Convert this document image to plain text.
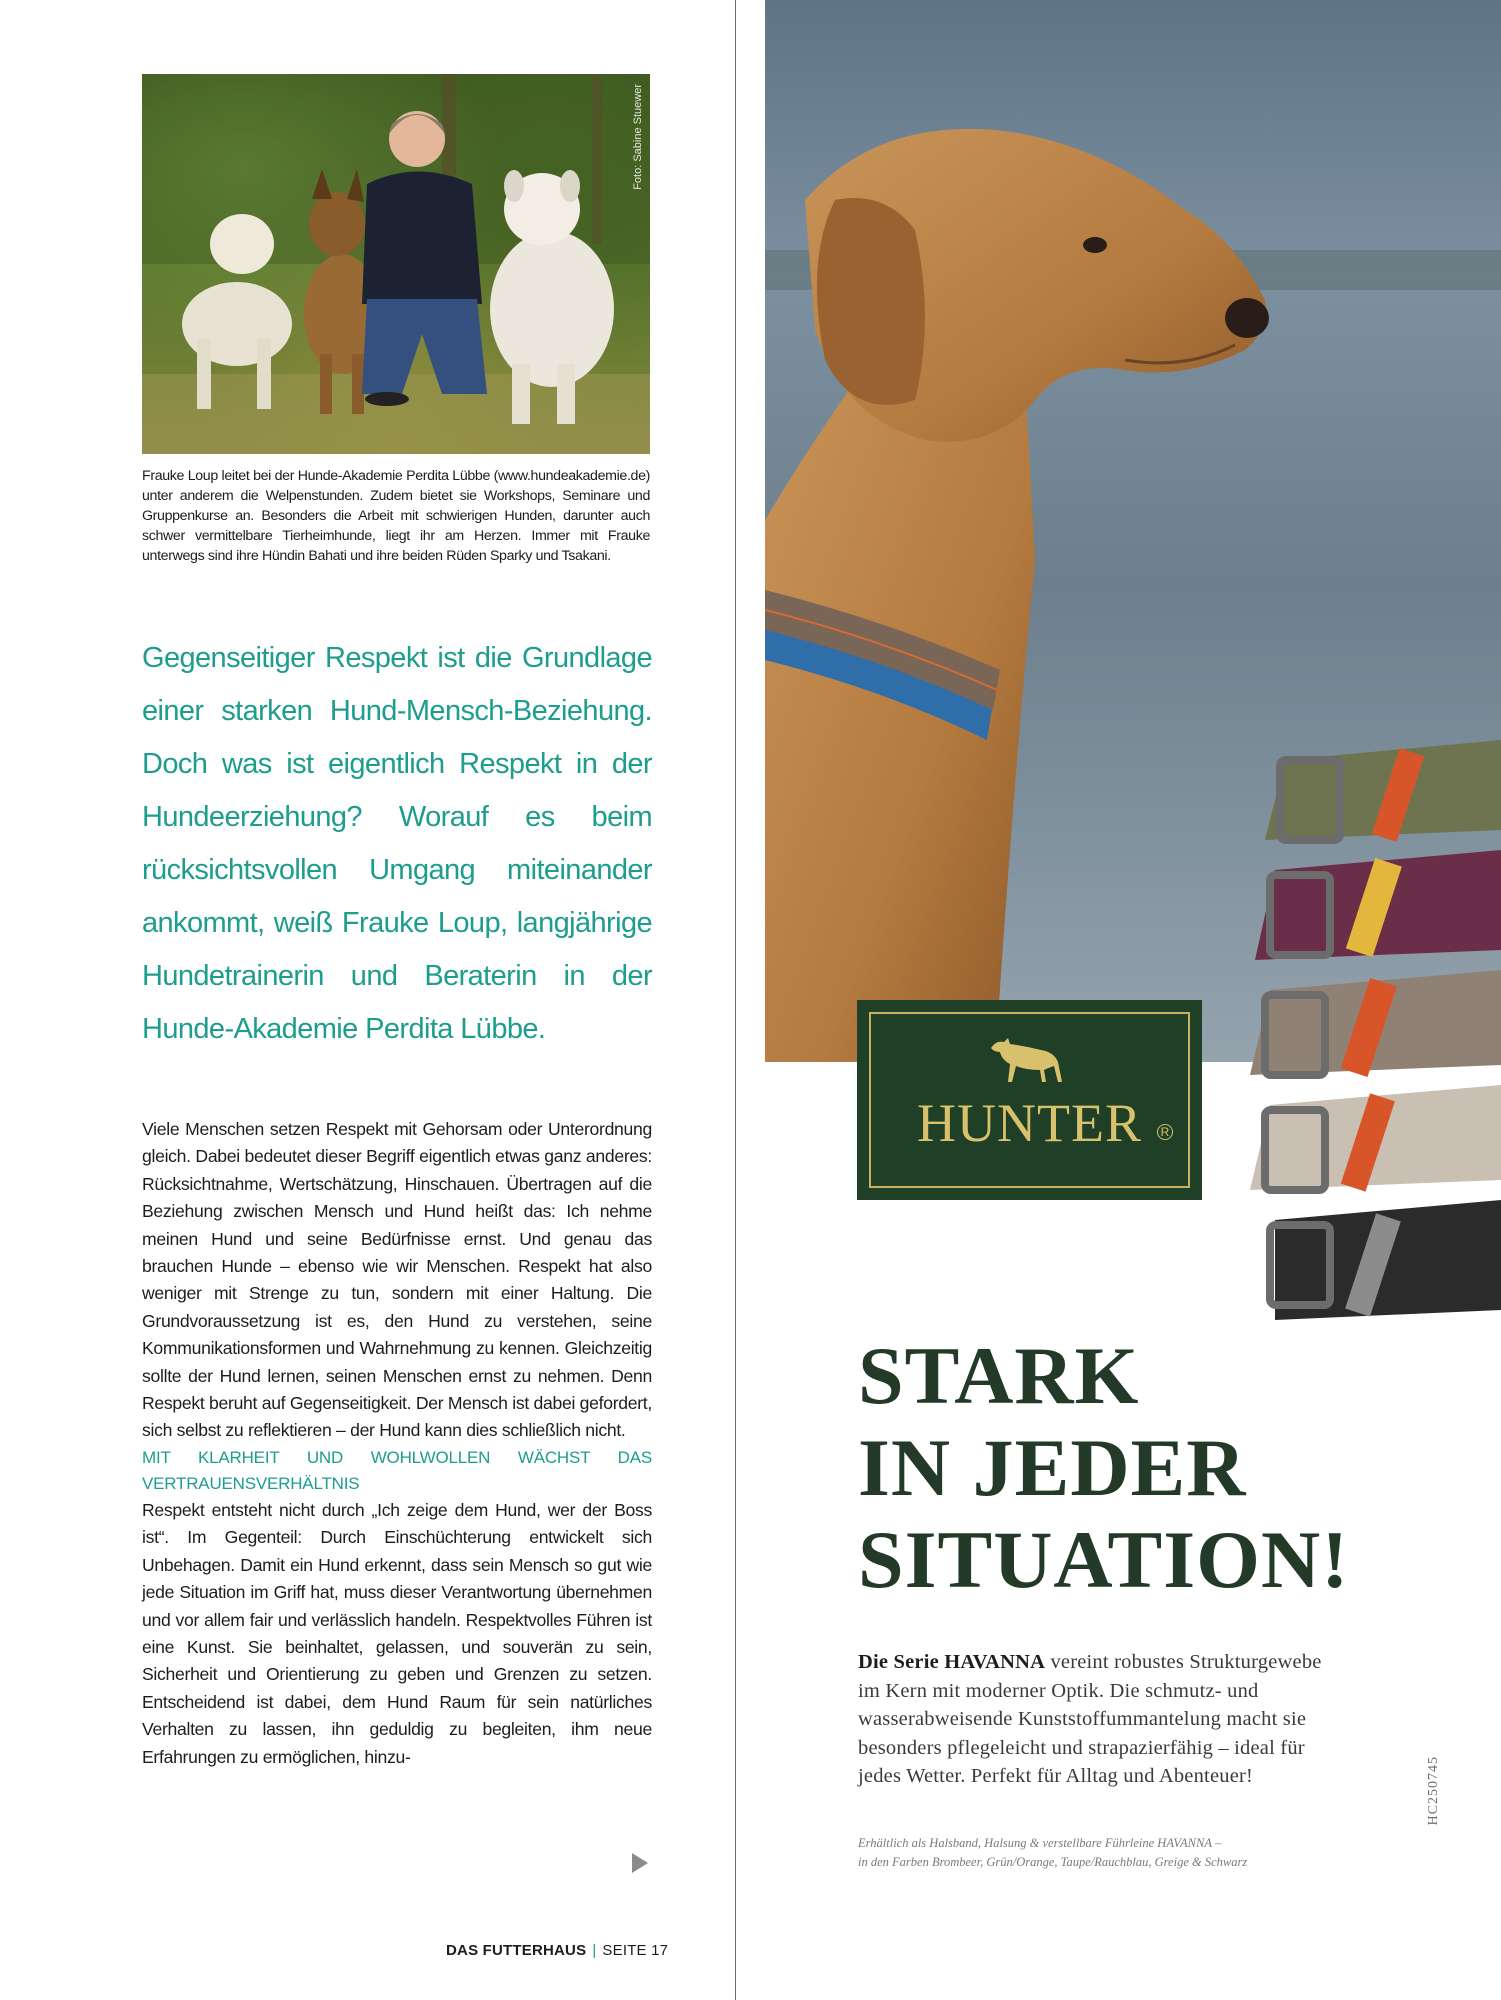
Foto: Sabine Stuewer
Frauke Loup leitet bei der Hunde-Akademie Perdita Lübbe (www.hundeakademie.de) unter anderem die Welpenstunden. Zudem bietet sie Workshops, Seminare und Gruppenkurse an. Besonders die Arbeit mit schwierigen Hunden, darunter auch schwer vermittelbare Tierheimhunde, liegt ihr am Herzen. Immer mit Frauke unterwegs sind ihre Hündin Bahati und ihre beiden Rüden Sparky und Tsakani.
Gegenseitiger Respekt ist die Grundlage einer starken Hund-Mensch-Beziehung. Doch was ist eigentlich Respekt in der Hundeerziehung? Worauf es beim rücksichtsvollen Umgang miteinander ankommt, weiß Frauke Loup, langjährige Hundetrainerin und Beraterin in der Hunde-Akademie Perdita Lübbe.

Viele Menschen setzen Respekt mit Gehorsam oder Unterordnung gleich. Dabei bedeutet dieser Begriff eigentlich etwas ganz anderes: Rücksichtnahme, Wertschätzung, Hinschauen. Übertragen auf die Beziehung zwischen Mensch und Hund heißt das: Ich nehme meinen Hund und seine Bedürfnisse ernst. Und genau das brauchen Hunde – ebenso wie wir Menschen. Respekt hat also weniger mit Strenge zu tun, sondern mit einer Haltung. Die Grundvoraussetzung ist es, den Hund zu verstehen, seine Kommunikationsformen und Wahrnehmung zu kennen. Gleichzeitig sollte der Hund lernen, seinen Menschen ernst zu nehmen. Denn Respekt beruht auf Gegenseitigkeit. Der Mensch ist dabei gefordert, sich selbst zu reflektieren – der Hund kann dies schließlich nicht.

MIT KLARHEIT UND WOHLWOLLEN WÄCHST DAS VERTRAUENSVERHÄLTNIS

Respekt entsteht nicht durch „Ich zeige dem Hund, wer der Boss ist“. Im Gegenteil: Durch Einschüchterung entwickelt sich Unbehagen. Damit ein Hund erkennt, dass sein Mensch so gut wie jede Situation im Griff hat, muss dieser Verantwortung übernehmen und vor allem fair und verlässlich handeln. Respektvolles Führen ist eine Kunst. Sie beinhaltet, gelassen, und souverän zu sein, Sicherheit und Orientierung zu geben und Grenzen zu setzen. Entscheidend ist dabei, dem Hund Raum für sein natürliches Verhalten zu lassen, ihn geduldig zu begleiten, ihm neue Erfahrungen zu ermöglichen, hinzu-

DAS FUTTERHAUS | SEITE 17
HUNTER	R
STARK
IN JEDER
SITUATION!
Die Serie HAVANNA vereint robustes Strukturgewebe im Kern mit moderner Optik. Die schmutz- und wasserabweisende Kunststoffummantelung macht sie besonders pflegeleicht und strapazierfähig – ideal für jedes Wetter. Perfekt für Alltag und Abenteuer!	HC250745
Erhältlich als Halsband, Halsung & verstellbare Führleine HAVANNA –
in den Farben Brombeer, Grün/Orange, Taupe/Rauchblau, Greige & Schwarz
